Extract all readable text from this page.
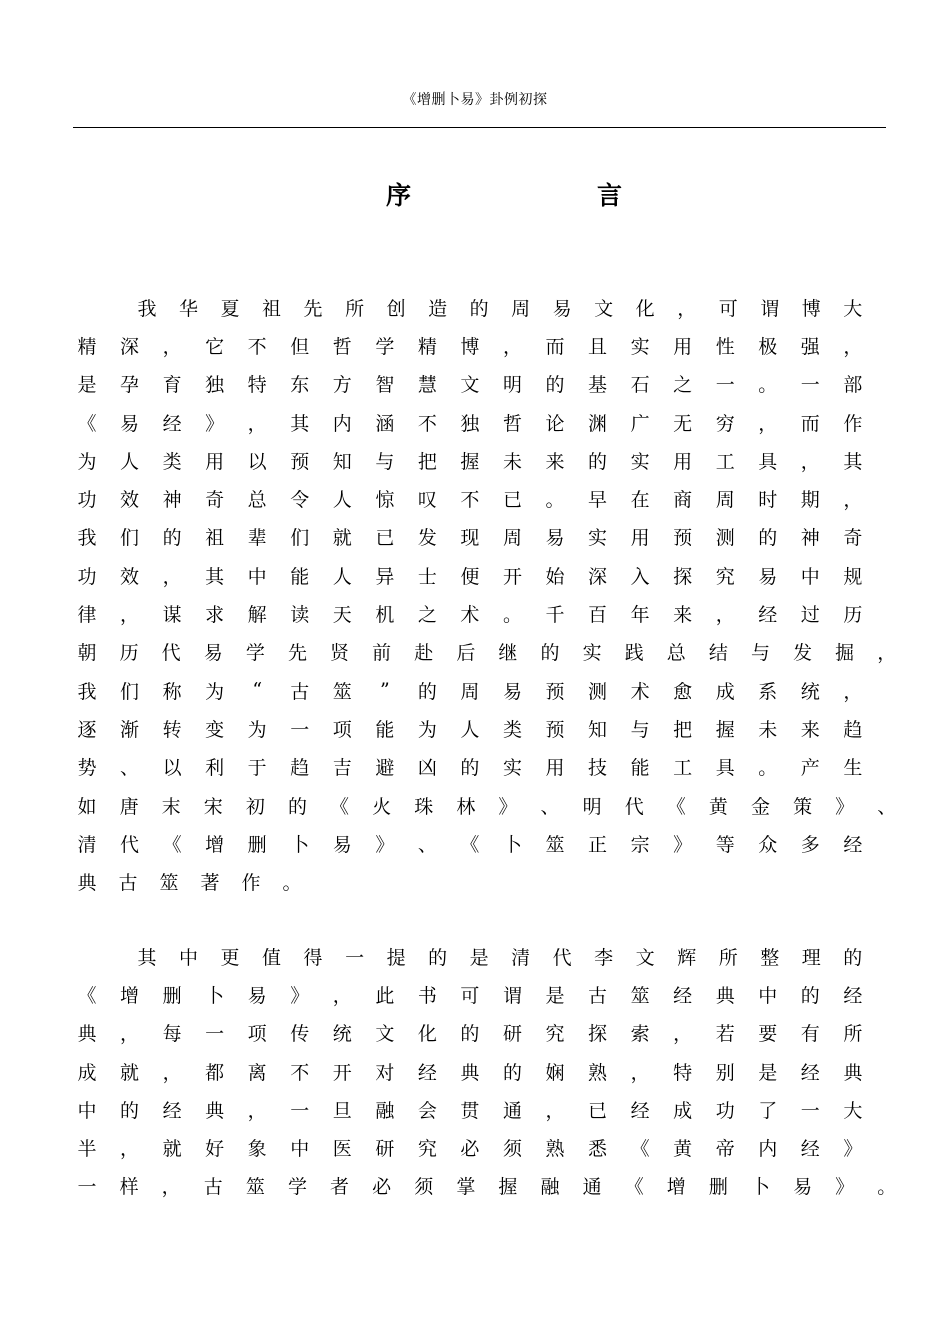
《增删卜易》卦例初探
序	言
我 华 夏 祖 先 所 创 造 的 周 易 文 化 ， 可 谓 博 大
精 深 ， 它 不 但 哲 学 精 博 ， 而 且 实 用 性 极 强 ，
是 孕 育 独 特 东 方 智 慧 文 明 的 基 石 之 一 。 一 部
《 易 经 》 ， 其 内 涵 不 独 哲 论 渊 广 无 穷 ， 而 作
为 人 类 用 以 预 知 与 把 握 未 来 的 实 用 工 具 ， 其
功 效 神 奇 总 令 人 惊 叹 不 已 。 早 在 商 周 时 期 ，
我 们 的 祖 辈 们 就 已 发 现 周 易 实 用 预 测 的 神 奇
功 效 ， 其 中 能 人 异 士 便 开 始 深 入 探 究 易 中 规
律 ， 谋 求 解 读 天 机 之 术 。 千 百 年 来 ， 经 过 历
朝 历 代 易 学 先 贤 前 赴 后 继 的 实 践 总 结 与 发 掘 ，
我 们 称 为	“	古 筮	”	的 周 易 预 测 术 愈 成 系 统 ，
逐 渐 转 变 为 一 项 能 为 人 类 预 知 与 把 握 未 来 趋
势 、 以 利 于 趋 吉 避 凶 的 实 用 技 能 工 具 。 产 生
如 唐 末 宋 初 的 《 火 珠 林 》 、 明 代 《 黄 金 策 》 、
清 代 《 增 删 卜 易 》 、 《 卜 筮 正 宗 》 等 众 多 经
典 古 筮 著 作 。
其 中 更 值 得 一 提 的 是 清 代 李 文 辉 所 整 理 的
《 增 删 卜 易 》 ， 此 书 可 谓 是 古 筮 经 典 中 的 经
典 ， 每 一 项 传 统 文 化 的 研 究 探 索 ， 若 要 有 所
成 就 ， 都 离 不 开 对 经 典 的 娴 熟 ， 特 别 是 经 典
中 的 经 典 ， 一 旦 融 会 贯 通 ， 已 经 成 功 了 一 大
半 ， 就 好 象 中 医 研 究 必 须 熟 悉 《 黄 帝 内 经 》
一 样 ， 古 筮 学 者 必 须 掌 握 融 通 《 增 删 卜 易 》 。
